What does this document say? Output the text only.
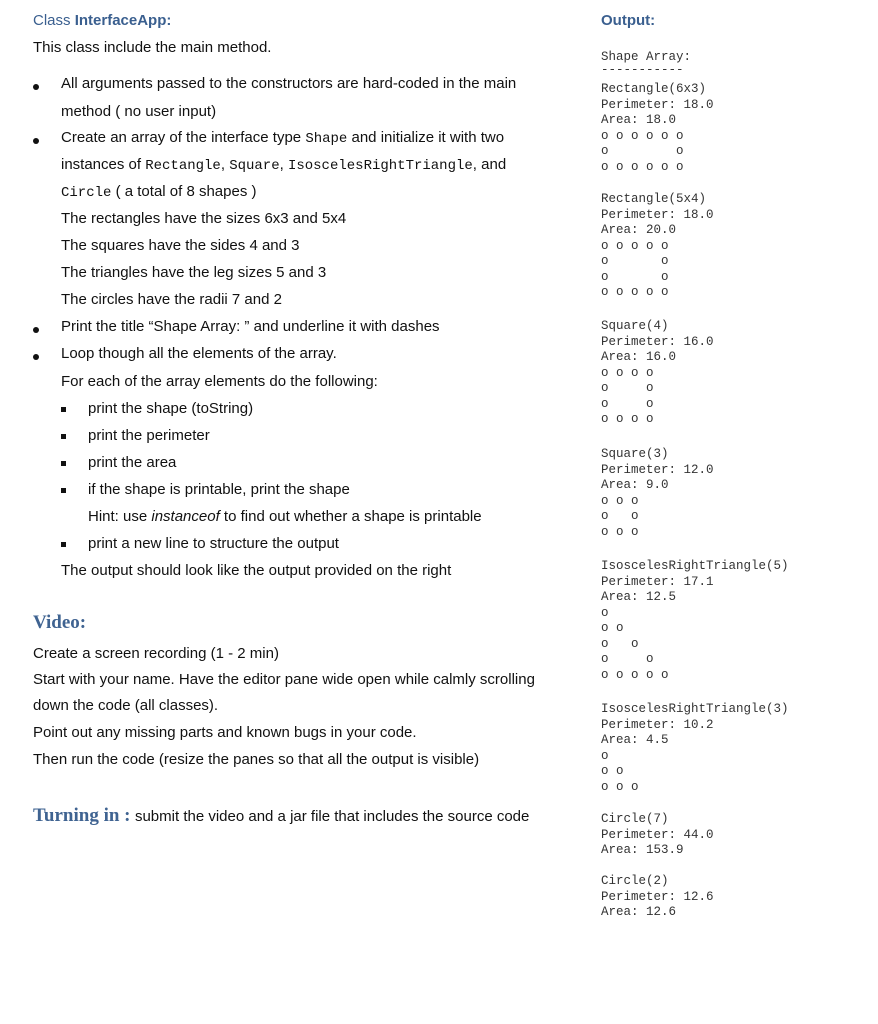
Class InterfaceApp:
This class include the main method.
All arguments passed to the constructors are hard-coded in the main
method ( no user input)
Create an array of the interface type Shape and initialize it with two
instances of Rectangle, Square, IsoscelesRightTriangle, and
Circle ( a total of 8 shapes )
The rectangles have the sizes 6x3 and 5x4
The squares have the sides 4 and 3
The triangles have the leg sizes 5 and 3
The circles have the radii 7 and 2
Print the title “Shape Array: ” and underline it with dashes
Loop though all the elements of the array.
For each of the array elements do the following:
print the shape (toString)
print the perimeter
print the area
if the shape is printable, print the shape
Hint: use instanceof to find out whether a shape is printable
print a new line to structure the output
The output should look like the output provided on the right
Video:
Create a screen recording (1 - 2 min)
Start with your name. Have the editor pane wide open while calmly scrolling
down the code (all classes).
Point out any missing parts and known bugs in your code.
Then run the code (resize the panes so that all the output is visible)
Turning in : submit the video and a jar file that includes the source code
Output:
Shape Array:
-----------
Rectangle(6x3)
Perimeter: 18.0
Area: 18.0
o o o o o o
o         o
o o o o o o
Rectangle(5x4)
Perimeter: 18.0
Area: 20.0
o o o o o
o       o
o       o
o o o o o
Square(4)
Perimeter: 16.0
Area: 16.0
o o o o
o     o
o     o
o o o o
Square(3)
Perimeter: 12.0
Area: 9.0
o o o
o   o
o o o
IsoscelesRightTriangle(5)
Perimeter: 17.1
Area: 12.5
o
o o
o   o
o     o
o o o o o
IsoscelesRightTriangle(3)
Perimeter: 10.2
Area: 4.5
o
o o
o o o
Circle(7)
Perimeter: 44.0
Area: 153.9
Circle(2)
Perimeter: 12.6
Area: 12.6
